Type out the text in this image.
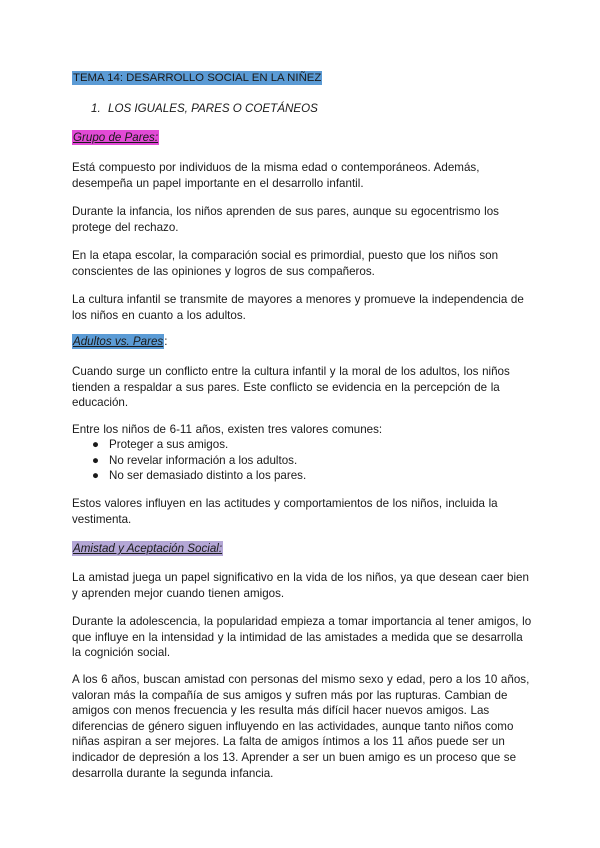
TEMA 14: DESARROLLO SOCIAL EN LA NIÑEZ

1. LOS IGUALES, PARES O COETÁNEOS

Grupo de Pares:

Está compuesto por individuos de la misma edad o contemporáneos. Además, desempeña un papel importante en el desarrollo infantil.

Durante la infancia, los niños aprenden de sus pares, aunque su egocentrismo los protege del rechazo.

En la etapa escolar, la comparación social es primordial, puesto que los niños son conscientes de las opiniones y logros de sus compañeros.

La cultura infantil se transmite de mayores a menores y promueve la independencia de los niños en cuanto a los adultos.

Adultos vs. Pares:

Cuando surge un conflicto entre la cultura infantil y la moral de los adultos, los niños tienden a respaldar a sus pares. Este conflicto se evidencia en la percepción de la educación.

Entre los niños de 6-11 años, existen tres valores comunes:

● Proteger a sus amigos.
● No revelar información a los adultos.
● No ser demasiado distinto a los pares.

Estos valores influyen en las actitudes y comportamientos de los niños, incluida la vestimenta.

Amistad y Aceptación Social:

La amistad juega un papel significativo en la vida de los niños, ya que desean caer bien y aprenden mejor cuando tienen amigos.

Durante la adolescencia, la popularidad empieza a tomar importancia al tener amigos, lo que influye en la intensidad y la intimidad de las amistades a medida que se desarrolla la cognición social.

A los 6 años, buscan amistad con personas del mismo sexo y edad, pero a los 10 años, valoran más la compañía de sus amigos y sufren más por las rupturas. Cambian de amigos con menos frecuencia y les resulta más difícil hacer nuevos amigos. Las diferencias de género siguen influyendo en las actividades, aunque tanto niños como niñas aspiran a ser mejores. La falta de amigos íntimos a los 11 años puede ser un indicador de depresión a los 13. Aprender a ser un buen amigo es un proceso que se desarrolla durante la segunda infancia.
